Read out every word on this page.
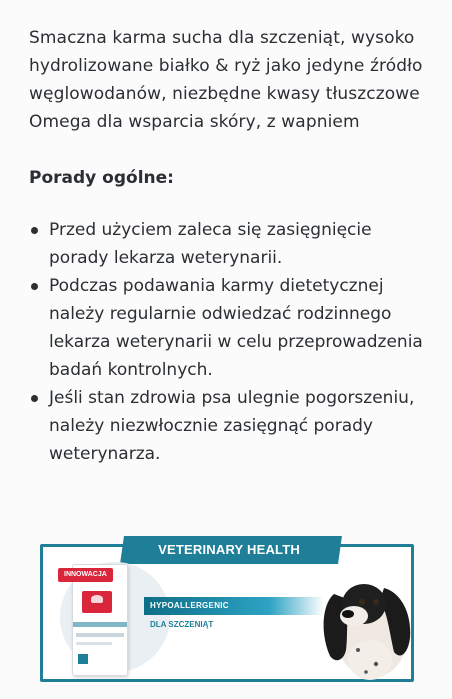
Smaczna karma sucha dla szczeniąt, wysoko hydrolizowane białko & ryż jako jedyne źródło węglowodanów, niezbędne kwasy tłuszczowe Omega dla wsparcia skóry, z wapniem

Porady ogólne:
Przed użyciem zaleca się zasięgnięcie porady lekarza weterynarii.
Podczas podawania karmy dietetycznej należy regularnie odwiedzać rodzinnego lekarza weterynarii w celu przeprowadzenia badań kontrolnych.
Jeśli stan zdrowia psa ulegnie pogorszeniu, należy niezwłocznie zasięgnąć porady weterynarza.
VETERINARY HEALTH NUTRITION
INNOWACJA
HYPOALLERGENIC
DLA SZCZENIĄT
